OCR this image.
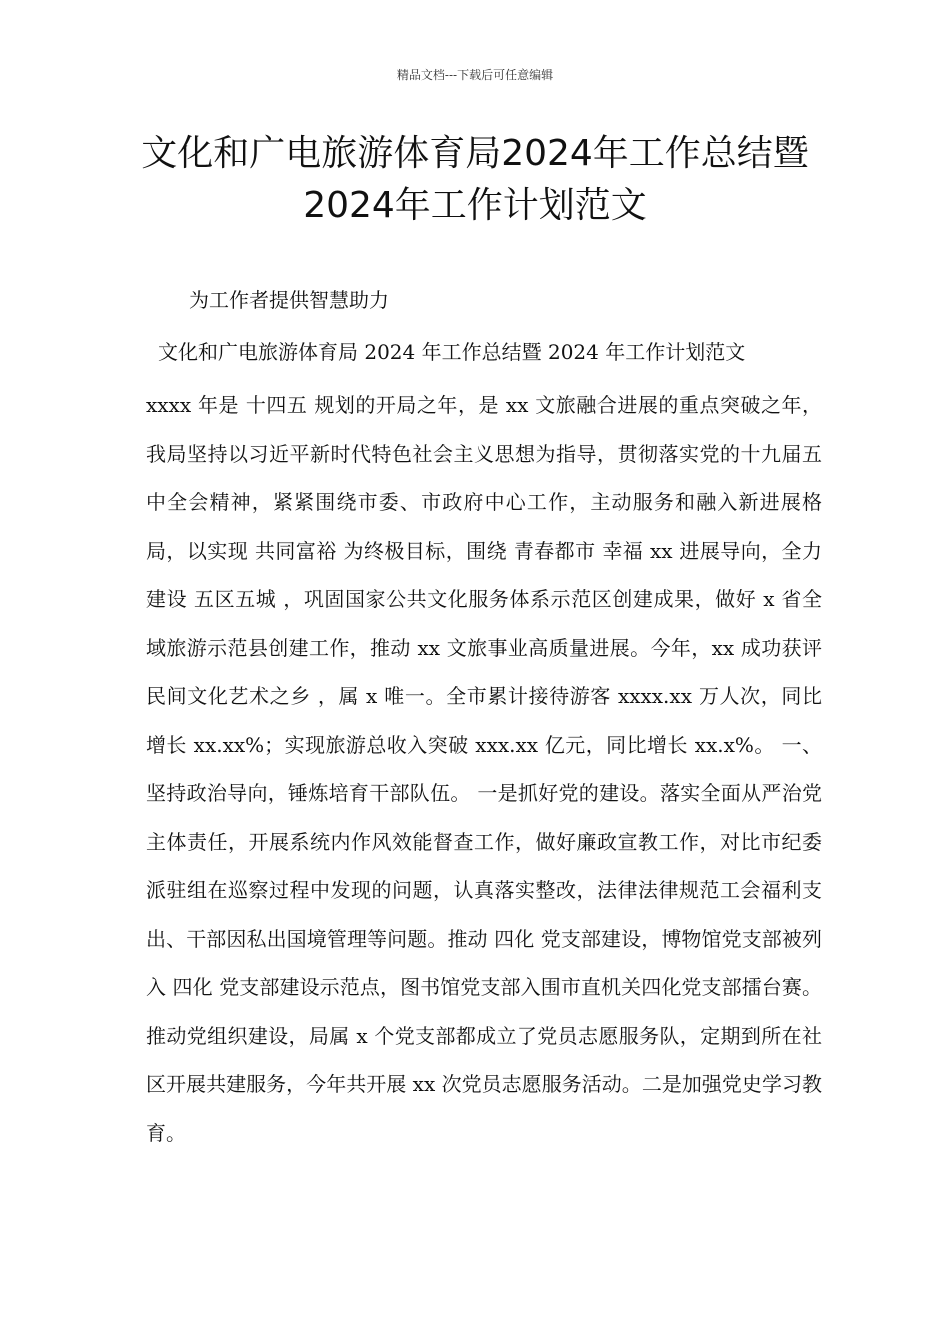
精品文档---下载后可任意编辑
文化和广电旅游体育局2024年工作总结暨2024年工作计划范文
为工作者提供智慧助力
文化和广电旅游体育局 2024 年工作总结暨 2024 年工作计划范文

xxxx 年是 十四五 规划的开局之年，是 xx 文旅融合进展的重点突破之年，我局坚持以习近平新时代特色社会主义思想为指导，贯彻落实党的十九届五中全会精神，紧紧围绕市委、市政府中心工作，主动服务和融入新进展格局，以实现 共同富裕 为终极目标，围绕 青春都市 幸福 xx 进展导向，全力建设 五区五城 ，巩固国家公共文化服务体系示范区创建成果，做好 x 省全域旅游示范县创建工作，推动 xx 文旅事业高质量进展。今年，xx 成功获评 民间文化艺术之乡 ，属 x 唯一。全市累计接待游客 xxxx.xx 万人次，同比增长 xx.xx%；实现旅游总收入突破 xxx.xx 亿元，同比增长 xx.x%。 一、坚持政治导向，锤炼培育干部队伍。 一是抓好党的建设。落实全面从严治党主体责任，开展系统内作风效能督查工作，做好廉政宣教工作，对比市纪委派驻组在巡察过程中发现的问题，认真落实整改，法律法律规范工会福利支出、干部因私出国境管理等问题。推动 四化 党支部建设，博物馆党支部被列入 四化 党支部建设示范点，图书馆党支部入围市直机关四化党支部擂台赛。推动党组织建设，局属 x 个党支部都成立了党员志愿服务队，定期到所在社区开展共建服务，今年共开展 xx 次党员志愿服务活动。二是加强党史学习教育。
